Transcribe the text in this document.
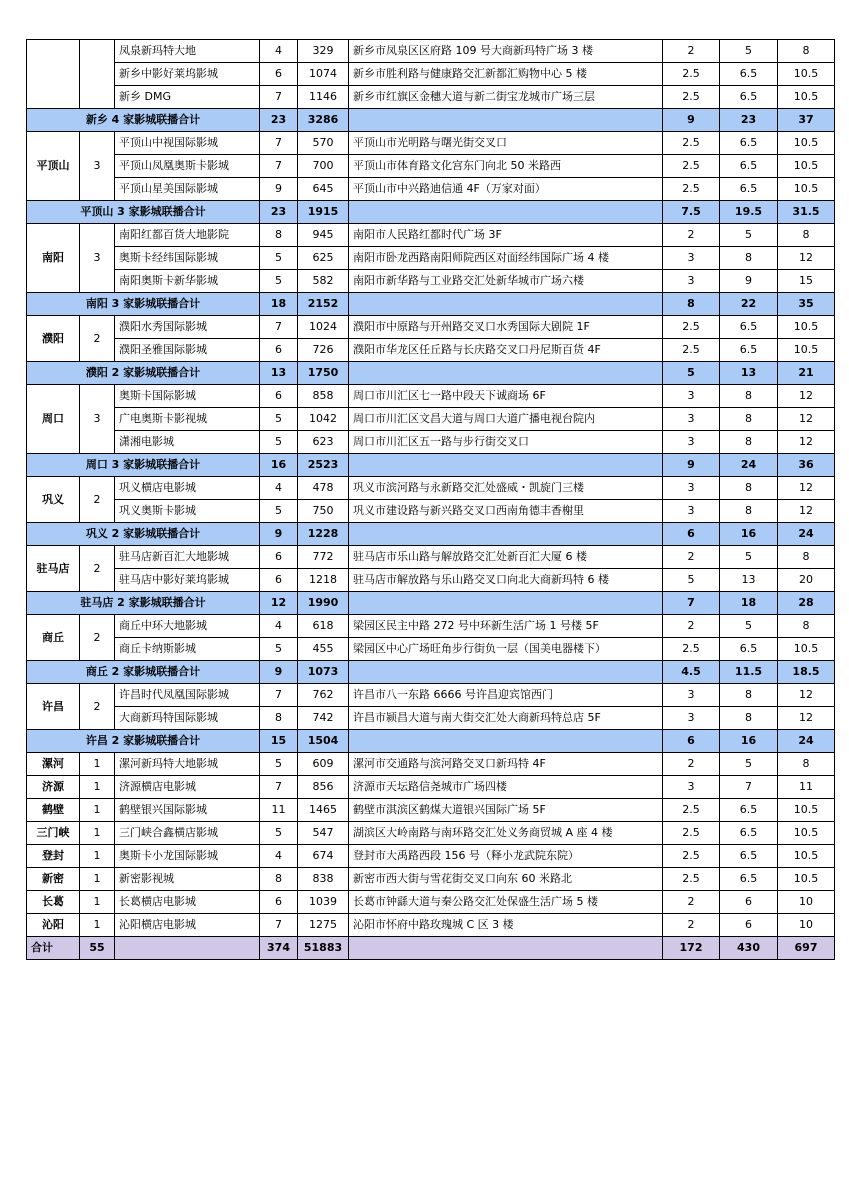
		凤泉新玛特大地	4	329	新乡市凤泉区区府路 109 号大商新玛特广场 3 楼	2	5	8
		新乡中影好莱坞影城	6	1074	新乡市胜利路与健康路交汇新都汇购物中心 5 楼	2.5	6.5	10.5
		新乡 DMG	7	1146	新乡市红旗区金穗大道与新二街宝龙城市广场三层	2.5	6.5	10.5
新乡 4 家影城联播合计			23	3286		9	23	37
平顶山	3	平顶山中视国际影城	7	570	平顶山市光明路与曙光街交叉口	2.5	6.5	10.5
		平顶山凤凰奥斯卡影城	7	700	平顶山市体育路文化宫东门向北 50 米路西	2.5	6.5	10.5
		平顶山星美国际影城	9	645	平顶山市中兴路迪信通 4F（万家对面）	2.5	6.5	10.5
平顶山 3 家影城联播合计			23	1915		7.5	19.5	31.5
南阳	3	南阳红都百货大地影院	8	945	南阳市人民路红都时代广场 3F	2	5	8
		奥斯卡经纬国际影城	5	625	南阳市卧龙西路南阳师院西区对面经纬国际广场 4 楼	3	8	12
		南阳奥斯卡新华影城	5	582	南阳市新华路与工业路交汇处新华城市广场六楼	3	9	15
南阳 3 家影城联播合计			18	2152		8	22	35
濮阳	2	濮阳水秀国际影城	7	1024	濮阳市中原路与开州路交叉口水秀国际大剧院 1F	2.5	6.5	10.5
		濮阳圣雅国际影城	6	726	濮阳市华龙区任丘路与长庆路交叉口丹尼斯百货 4F	2.5	6.5	10.5
濮阳 2 家影城联播合计			13	1750		5	13	21
周口	3	奥斯卡国际影城	6	858	周口市川汇区七一路中段天下诚商场 6F	3	8	12
		广电奥斯卡影视城	5	1042	周口市川汇区文昌大道与周口大道广播电视台院内	3	8	12
		潇湘电影城	5	623	周口市川汇区五一路与步行街交叉口	3	8	12
周口 3 家影城联播合计			16	2523		9	24	36
巩义	2	巩义横店电影城	4	478	巩义市滨河路与永新路交汇处盛威・凯旋门三楼	3	8	12
		巩义奥斯卡影城	5	750	巩义市建设路与新兴路交叉口西南角德丰香榭里	3	8	12
巩义 2 家影城联播合计			9	1228		6	16	24
驻马店	2	驻马店新百汇大地影城	6	772	驻马店市乐山路与解放路交汇处新百汇大厦 6 楼	2	5	8
		驻马店中影好莱坞影城	6	1218	驻马店市解放路与乐山路交叉口向北大商新玛特 6 楼	5	13	20
驻马店 2 家影城联播合计			12	1990		7	18	28
商丘	2	商丘中环大地影城	4	618	梁园区民主中路 272 号中环新生活广场 1 号楼 5F	2	5	8
		商丘卡纳斯影城	5	455	梁园区中心广场旺角步行街负一层（国美电器楼下）	2.5	6.5	10.5
商丘 2 家影城联播合计			9	1073		4.5	11.5	18.5
许昌	2	许昌时代凤凰国际影城	7	762	许昌市八一东路 6666 号许昌迎宾馆西门	3	8	12
		大商新玛特国际影城	8	742	许昌市颍昌大道与南大街交汇处大商新玛特总店 5F	3	8	12
许昌 2 家影城联播合计			15	1504		6	16	24
漯河	1	漯河新玛特大地影城	5	609	漯河市交通路与滨河路交叉口新玛特 4F	2	5	8
济源	1	济源横店电影城	7	856	济源市天坛路信尧城市广场四楼	3	7	11
鹤壁	1	鹤壁银兴国际影城	11	1465	鹤壁市淇滨区鹤煤大道银兴国际广场 5F	2.5	6.5	10.5
三门峡	1	三门峡合鑫横店影城	5	547	湖滨区大岭南路与南环路交汇处义务商贸城 A 座 4 楼	2.5	6.5	10.5
登封	1	奥斯卡小龙国际影城	4	674	登封市大禹路西段 156 号（释小龙武院东院）	2.5	6.5	10.5
新密	1	新密影视城	8	838	新密市西大街与雪花街交叉口向东 60 米路北	2.5	6.5	10.5
长葛	1	长葛横店电影城	6	1039	长葛市钟繇大道与秦公路交汇处保盛生活广场 5 楼	2	6	10
沁阳	1	沁阳横店电影城	7	1275	沁阳市怀府中路玫瑰城 C 区 3 楼	2	6	10
合计	55		374	51883		172	430	697
